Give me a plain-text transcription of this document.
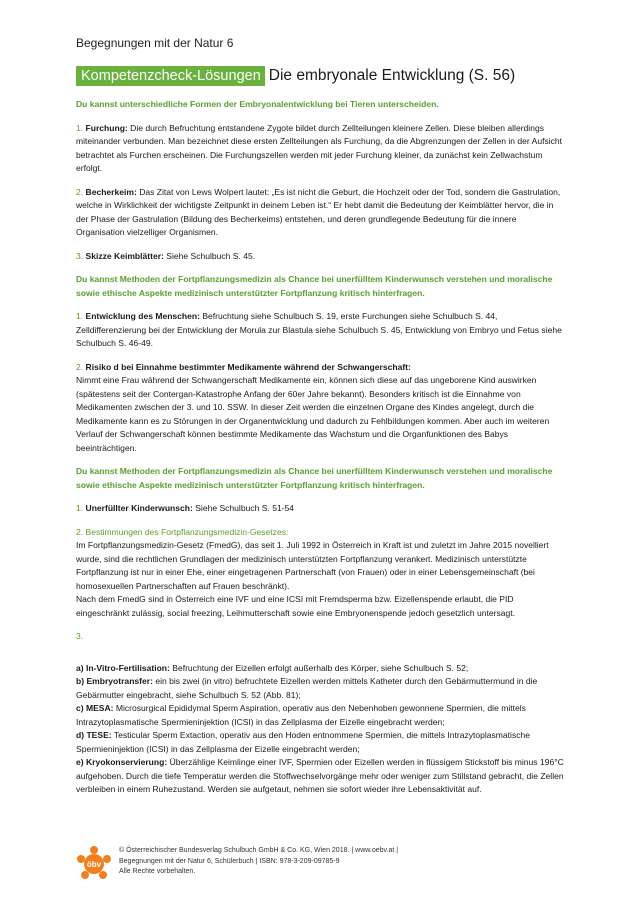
Begegnungen mit der Natur 6
Kompetenzcheck-Lösungen Die embryonale Entwicklung (S. 56)

Du kannst unterschiedliche Formen der Embryonalentwicklung bei Tieren unterscheiden.

1. Furchung: Die durch Befruchtung entstandene Zygote bildet durch Zellteilungen kleinere Zellen. Diese bleiben allerdings miteinander verbunden. Man bezeichnet diese ersten Zellteilungen als Furchung, da die Abgrenzungen der Zellen in der Aufsicht betrachtet als Furchen erscheinen. Die Furchungszellen werden mit jeder Furchung kleiner, da zunächst kein Zellwachstum erfolgt.

2. Becherkeim: Das Zitat von Lews Wolpert lautet: „Es ist nicht die Geburt, die Hochzeit oder der Tod, sondern die Gastrulation, welche in Wirklichkeit der wichtigste Zeitpunkt in deinem Leben ist.“ Er hebt damit die Bedeutung der Keimblätter hervor, die in der Phase der Gastrulation (Bildung des Becherkeims) entstehen, und deren grundlegende Bedeutung für die innere Organisation vielzelliger Organismen.

3. Skizze Keimblätter: Siehe Schulbuch S. 45.

Du kannst Methoden der Fortpflanzungsmedizin als Chance bei unerfülltem Kinderwunsch verstehen und moralische sowie ethische Aspekte medizinisch unterstützter Fortpflanzung kritisch hinterfragen.

1. Entwicklung des Menschen: Befruchtung siehe Schulbuch S. 19, erste Furchungen siehe Schulbuch S. 44, Zelldifferenzierung bei der Entwicklung der Morula zur Blastula siehe Schulbuch S. 45, Entwicklung von Embryo und Fetus siehe Schulbuch S. 46-49.

2. Risiko d bei Einnahme bestimmter Medikamente während der Schwangerschaft:

Nimmt eine Frau während der Schwangerschaft Medikamente ein, können sich diese auf das ungeborene Kind auswirken (spätestens seit der Contergan-Katastrophe Anfang der 60er Jahre bekannt). Besonders kritisch ist die Einnahme von Medikamenten zwischen der 3. und 10. SSW. In dieser Zeit werden die einzelnen Organe des Kindes angelegt, durch die Medikamente kann es zu Störungen in der Organentwicklung und dadurch zu Fehlbildungen kommen. Aber auch im weiteren Verlauf der Schwangerschaft können bestimmte Medikamente das Wachstum und die Organfunktionen des Babys beeinträchtigen.

Du kannst Methoden der Fortpflanzungsmedizin als Chance bei unerfülltem Kinderwunsch verstehen und moralische sowie ethische Aspekte medizinisch unterstützter Fortpflanzung kritisch hinterfragen.

1. Unerfüllter Kinderwunsch: Siehe Schulbuch S. 51-54

2. Bestimmungen des Fortpflanzungsmedizin-Gesetzes:

Im Fortpflanzungsmedizin-Gesetz (FmedG), das seit 1. Juli 1992 in Österreich in Kraft ist und zuletzt im Jahre 2015 novelliert wurde, sind die rechtlichen Grundlagen der medizinisch unterstützten Fortpflanzung verankert. Medizinisch unterstützte Fortpflanzung ist nur in einer Ehe, einer eingetragenen Partnerschaft (von Frauen) oder in einer Lebensgemeinschaft (bei homosexuellen Partnerschaften auf Frauen beschränkt).

Nach dem FmedG sind in Österreich eine IVF und eine ICSI mit Fremdsperma bzw. Eizellenspende erlaubt, die PID eingeschränkt zulässig, social freezing, Leihmutterschaft sowie eine Embryonenspende jedoch gesetzlich untersagt.

3.

a) In-Vitro-Fertilisation: Befruchtung der Eizellen erfolgt außerhalb des Körper, siehe Schulbuch S. 52;

b) Embryotransfer: ein bis zwei (in vitro) befruchtete Eizellen werden mittels Katheter durch den Gebärmuttermund in die Gebärmutter eingebracht, siehe Schulbuch S. 52 (Abb. 81);

c) MESA: Microsurgical Epididymal Sperm Aspiration, operativ aus den Nebenhoben gewonnene Spermien, die mittels Intrazytoplasmatische Spermieninjektion (ICSI) in das Zellplasma der Eizelle eingebracht werden;

d) TESE: Testicular Sperm Extaction, operativ aus den Hoden entnommene Spermien, die mittels Intrazytoplasmatische Spermieninjektion (ICSI) in das Zellplasma der Eizelle eingebracht werden;

e) Kryokonservierung: Überzählige Keimlinge einer IVF, Spermien oder Eizellen werden in flüssigem Stickstoff bis minus 196°C aufgehoben. Durch die tiefe Temperatur werden die Stoffwechselvorgänge mehr oder weniger zum Stillstand gebracht, die Zellen verbleiben in einem Ruhezustand. Werden sie aufgetaut, nehmen sie sofort wieder ihre Lebensaktivität auf.

öbv
© Österreichischer Bundesverlag Schulbuch GmbH & Co. KG, Wien 2018. | www.oebv.at |
Begegnungen mit der Natur 6, Schülerbuch | ISBN: 978-3-209-09785-9
Alle Rechte vorbehalten.
